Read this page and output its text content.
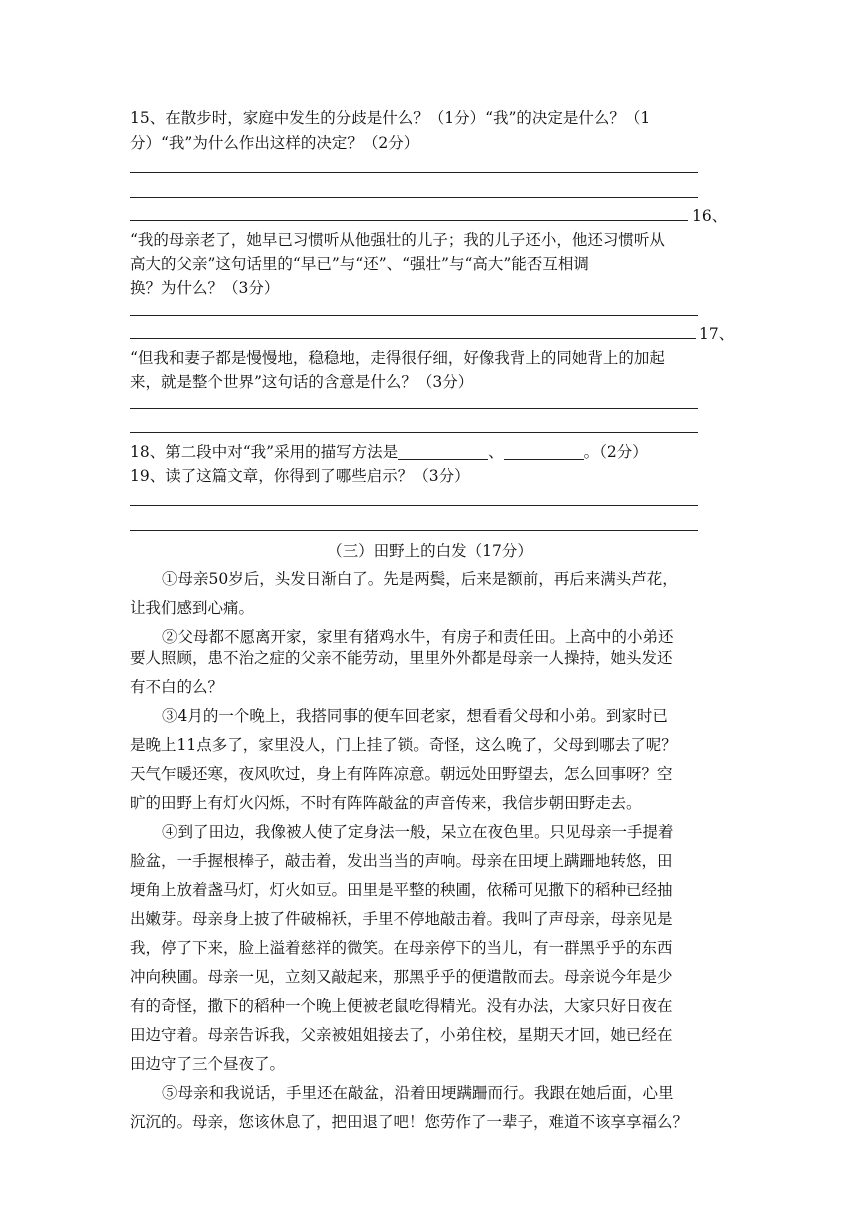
15、在散步时，家庭中发生的分歧是什么？（1分）“我”的决定是什么？（1
分）“我”为什么作出这样的决定？（2分）
16、
“我的母亲老了，她早已习惯听从他强壮的儿子；我的儿子还小，他还习惯听从
高大的父亲”这句话里的“早已”与“还”、“强壮”与“高大”能否互相调
换？为什么？（3分）
17、
“但我和妻子都是慢慢地，稳稳地，走得很仔细，好像我背上的同她背上的加起
来，就是整个世界”这句话的含意是什么？（3分）
18、第二段中对“我”采用的描写方法是	、	。（2分）
19、读了这篇文章，你得到了哪些启示？（3分）
（三）田野上的白发（17分）
①母亲50岁后，头发日渐白了。先是两鬓，后来是额前，再后来满头芦花，
让我们感到心痛。
②父母都不愿离开家，家里有猪鸡水牛，有房子和责任田。上高中的小弟还
要人照顾，患不治之症的父亲不能劳动，里里外外都是母亲一人操持，她头发还
有不白的么？
③4月的一个晚上，我搭同事的便车回老家，想看看父母和小弟。到家时已
是晚上11点多了，家里没人，门上挂了锁。奇怪，这么晚了，父母到哪去了呢？
天气乍暖还寒，夜风吹过，身上有阵阵凉意。朝远处田野望去，怎么回事呀？空
旷的田野上有灯火闪烁，不时有阵阵敲盆的声音传来，我信步朝田野走去。
④到了田边，我像被人使了定身法一般，呆立在夜色里。只见母亲一手提着
脸盆，一手握根棒子，敲击着，发出当当的声响。母亲在田埂上蹒跚地转悠，田
埂角上放着盏马灯，灯火如豆。田里是平整的秧圃，依稀可见撒下的稻种已经抽
出嫩芽。母亲身上披了件破棉袄，手里不停地敲击着。我叫了声母亲，母亲见是
我，停了下来，脸上溢着慈祥的微笑。在母亲停下的当儿，有一群黑乎乎的东西
冲向秧圃。母亲一见，立刻又敲起来，那黑乎乎的便遣散而去。母亲说今年是少
有的奇怪，撒下的稻种一个晚上便被老鼠吃得精光。没有办法，大家只好日夜在
田边守着。母亲告诉我，父亲被姐姐接去了，小弟住校，星期天才回，她已经在
田边守了三个昼夜了。
⑤母亲和我说话，手里还在敲盆，沿着田埂蹒跚而行。我跟在她后面，心里
沉沉的。母亲，您该休息了，把田退了吧！您劳作了一辈子，难道不该享享福么？
